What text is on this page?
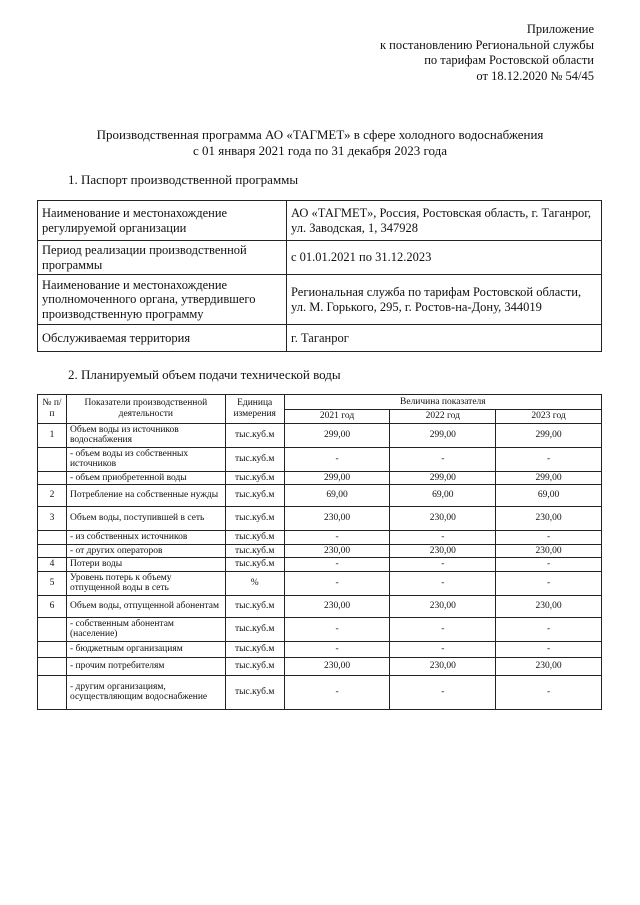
Приложение
к постановлению Региональной службы
по тарифам Ростовской области
от 18.12.2020 № 54/45
Производственная программа АО «ТАГМЕТ» в сфере холодного водоснабжения
с 01 января 2021 года по 31 декабря 2023 года
1. Паспорт производственной программы
Наименование и местонахождение регулируемой организации	АО «ТАГМЕТ», Россия, Ростовская область, г. Таганрог, ул. Заводская, 1, 347928
Период реализации производственной программы	с 01.01.2021 по 31.12.2023
Наименование и местонахождение уполномоченного органа, утвердившего производственную программу	Региональная служба по тарифам Ростовской области, ул. М. Горького, 295, г. Ростов-на-Дону, 344019
Обслуживаемая территория	г. Таганрог
2. Планируемый объем подачи технической воды
№ п/п	Показатели производственной деятельности	Единица измерения	Величина показателя		
			2021 год	2022 год	2023 год
1	Объем воды из источников водоснабжения	тыс.куб.м	299,00	299,00	299,00
	- объем воды из собственных источников	тыс.куб.м	-	-	-
	- объем приобретенной воды	тыс.куб.м	299,00	299,00	299,00
2	Потребление на собственные нужды	тыс.куб.м	69,00	69,00	69,00
3	Объем воды, поступившей в сеть	тыс.куб.м	230,00	230,00	230,00
	- из собственных источников	тыс.куб.м	-	-	-
	- от других операторов	тыс.куб.м	230,00	230,00	230,00
4	Потери воды	тыс.куб.м	-	-	-
5	Уровень потерь к объему отпущенной воды в сеть	%	-	-	-
6	Объем воды, отпущенной абонентам	тыс.куб.м	230,00	230,00	230,00
	- собственным абонентам (население)	тыс.куб.м	-	-	-
	- бюджетным организациям	тыс.куб.м	-	-	-
	- прочим потребителям	тыс.куб.м	230,00	230,00	230,00
	- другим организациям, осуществляющим водоснабжение	тыс.куб.м	-	-	-
